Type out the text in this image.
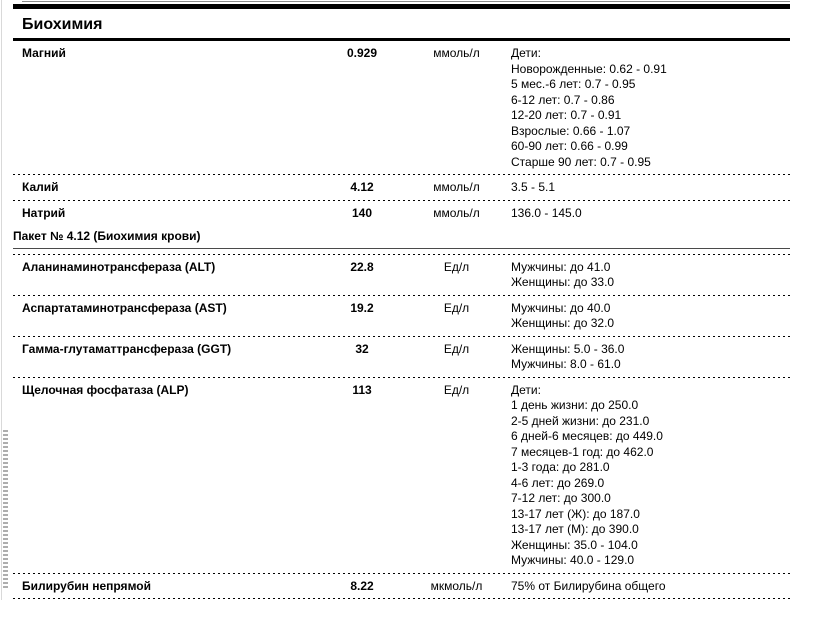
Биохимия
Магний	0.929	ммоль/л	Дети:
Новорожденные: 0.62 - 0.91
5 мес.-6 лет: 0.7 - 0.95
6-12 лет: 0.7 - 0.86
12-20 лет: 0.7 - 0.91
Взрослые: 0.66 - 1.07
60-90 лет: 0.66 - 0.99
Старше 90 лет: 0.7 - 0.95
Калий	4.12	ммоль/л	3.5 - 5.1
Натрий	140	ммоль/л	136.0 - 145.0
Пакет № 4.12 (Биохимия крови)
Аланинаминотрансфераза (ALT)	22.8	Ед/л	Мужчины: до 41.0
Женщины: до 33.0
Аспартатаминотрансфераза (AST)	19.2	Ед/л	Мужчины: до 40.0
Женщины: до 32.0
Гамма-глутаматтрансфераза (GGT)	32	Ед/л	Женщины: 5.0 - 36.0
Мужчины: 8.0 - 61.0
Щелочная фосфатаза (ALP)	113	Ед/л	Дети:
1 день жизни: до 250.0
2-5 дней жизни: до 231.0
6 дней-6 месяцев: до 449.0
7 месяцев-1 год: до 462.0
1-3 года: до 281.0
4-6 лет: до 269.0
7-12 лет: до 300.0
13-17 лет (Ж): до 187.0
13-17 лет (М): до 390.0
Женщины: 35.0 - 104.0
Мужчины: 40.0 - 129.0
Билирубин непрямой	8.22	мкмоль/л	75% от Билирубина общего
